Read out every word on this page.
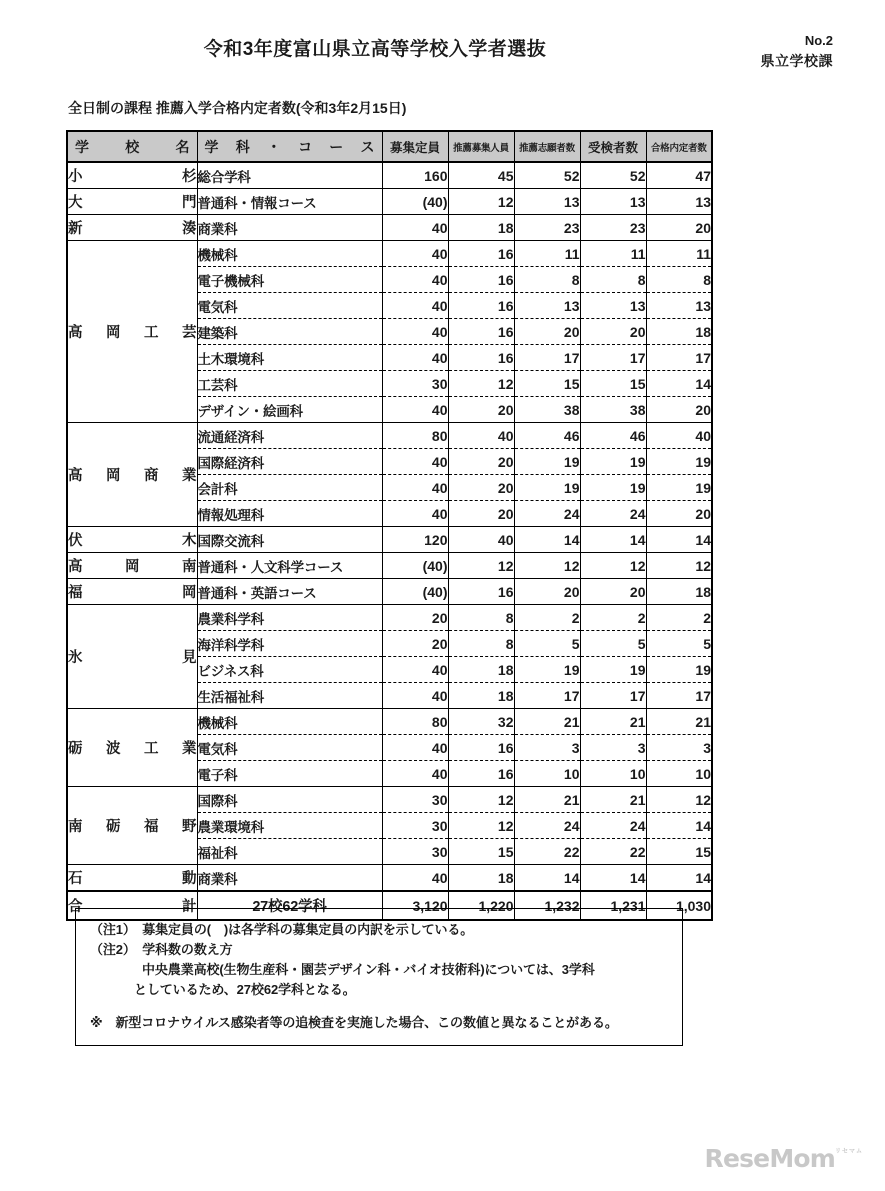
令和3年度富山県立高等学校入学者選抜	No.2
県立学校課
全日制の課程 推薦入学合格内定者数(令和3年2月15日)
学　　校　　名	学　科　・　コ　ー　ス	募集定員	推薦募集人員	推薦志願者数	受検者数	合格内定者数
小　　　　杉	総合学科	160	45	52	52	47
大　　　　門	普通科・情報コース	(40)	12	13	13	13
新　　　　湊	商業科	40	18	23	23	20
高　岡　工　芸	機械科	40	16	11	11	11
	電子機械科	40	16	8	8	8
	電気科	40	16	13	13	13
	建築科	40	16	20	20	18
	土木環境科	40	16	17	17	17
	工芸科	30	12	15	15	14
	デザイン・絵画科	40	20	38	38	20
高　岡　商　業	流通経済科	80	40	46	46	40
	国際経済科	40	20	19	19	19
	会計科	40	20	19	19	19
	情報処理科	40	20	24	24	20
伏　　　　木	国際交流科	120	40	14	14	14
高　　岡　　南	普通科・人文科学コース	(40)	12	12	12	12
福　　　　岡	普通科・英語コース	(40)	16	20	20	18
氷　　　　見	農業科学科	20	8	2	2	2
	海洋科学科	20	8	5	5	5
	ビジネス科	40	18	19	19	19
	生活福祉科	40	18	17	17	17
砺　波　工　業	機械科	80	32	21	21	21
	電気科	40	16	3	3	3
	電子科	40	16	10	10	10
南　砺　福　野	国際科	30	12	21	21	12
	農業環境科	30	12	24	24	14
	福祉科	30	15	22	22	15
石　　　　動	商業科	40	18	14	14	14
合　　　　計	27校62学科	3,120	1,220	1,232	1,231	1,030
（注1）　募集定員の(　)は各学科の募集定員の内訳を示している。
（注2）　学科数の数え方
中央農業高校(生物生産科・園芸デザイン科・バイオ技術科)については、3学科
としているため、27校62学科となる。
※　新型コロナウイルス感染者等の追検査を実施した場合、この数値と異なることがある。
ReseMom$^{リセマム}$
